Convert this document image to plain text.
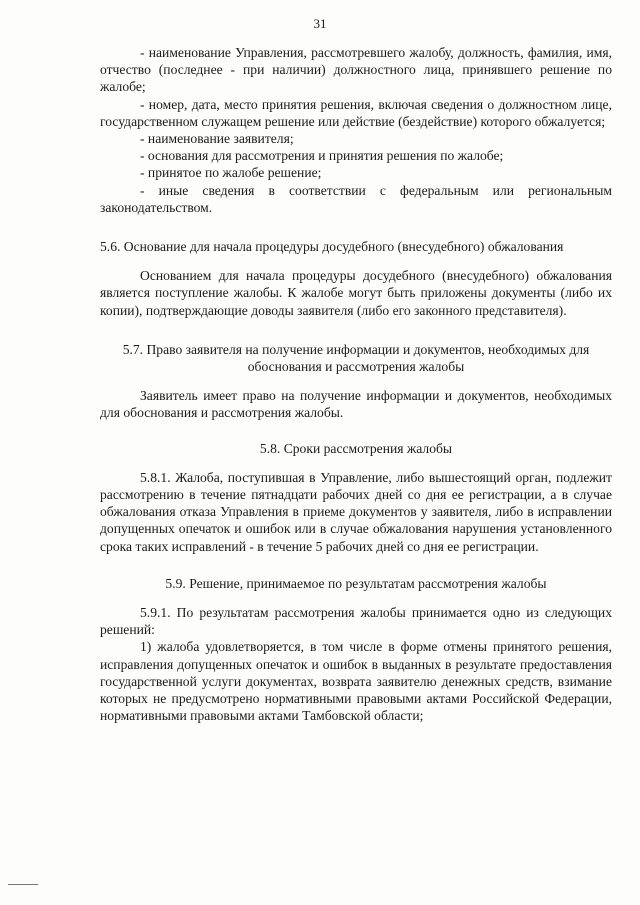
31

- наименование Управления, рассмотревшего жалобу, должность, фамилия, имя, отчество (последнее - при наличии) должностного лица, принявшего решение по жалобе;

- номер, дата, место принятия решения, включая сведения о должностном лице, государственном служащем решение или действие (бездействие) которого обжалуется;

- наименование заявителя;

- основания для рассмотрения и принятия решения по жалобе;

- принятое по жалобе решение;

- иные сведения в соответствии с федеральным или региональным законодательством.

5.6. Основание для начала процедуры досудебного (внесудебного) обжалования

Основанием для начала процедуры досудебного (внесудебного) обжалования является поступление жалобы. К жалобе могут быть приложены документы (либо их копии), подтверждающие доводы заявителя (либо его законного представителя).

5.7. Право заявителя на получение информации и документов, необходимых для обоснования и рассмотрения жалобы

Заявитель имеет право на получение информации и документов, необходимых для обоснования и рассмотрения жалобы.

5.8. Сроки рассмотрения жалобы

5.8.1. Жалоба, поступившая в Управление, либо вышестоящий орган, подлежит рассмотрению в течение пятнадцати рабочих дней со дня ее регистрации, а в случае обжалования отказа Управления в приеме документов у заявителя, либо в исправлении допущенных опечаток и ошибок или в случае обжалования нарушения установленного срока таких исправлений - в течение 5 рабочих дней со дня ее регистрации.

5.9. Решение, принимаемое по результатам рассмотрения жалобы

5.9.1. По результатам рассмотрения жалобы принимается одно из следующих решений:

1) жалоба удовлетворяется, в том числе в форме отмены принятого решения, исправления допущенных опечаток и ошибок в выданных в результате предоставления государственной услуги документах, возврата заявителю денежных средств, взимание которых не предусмотрено нормативными правовыми актами Российской Федерации, нормативными правовыми актами Тамбовской области;
